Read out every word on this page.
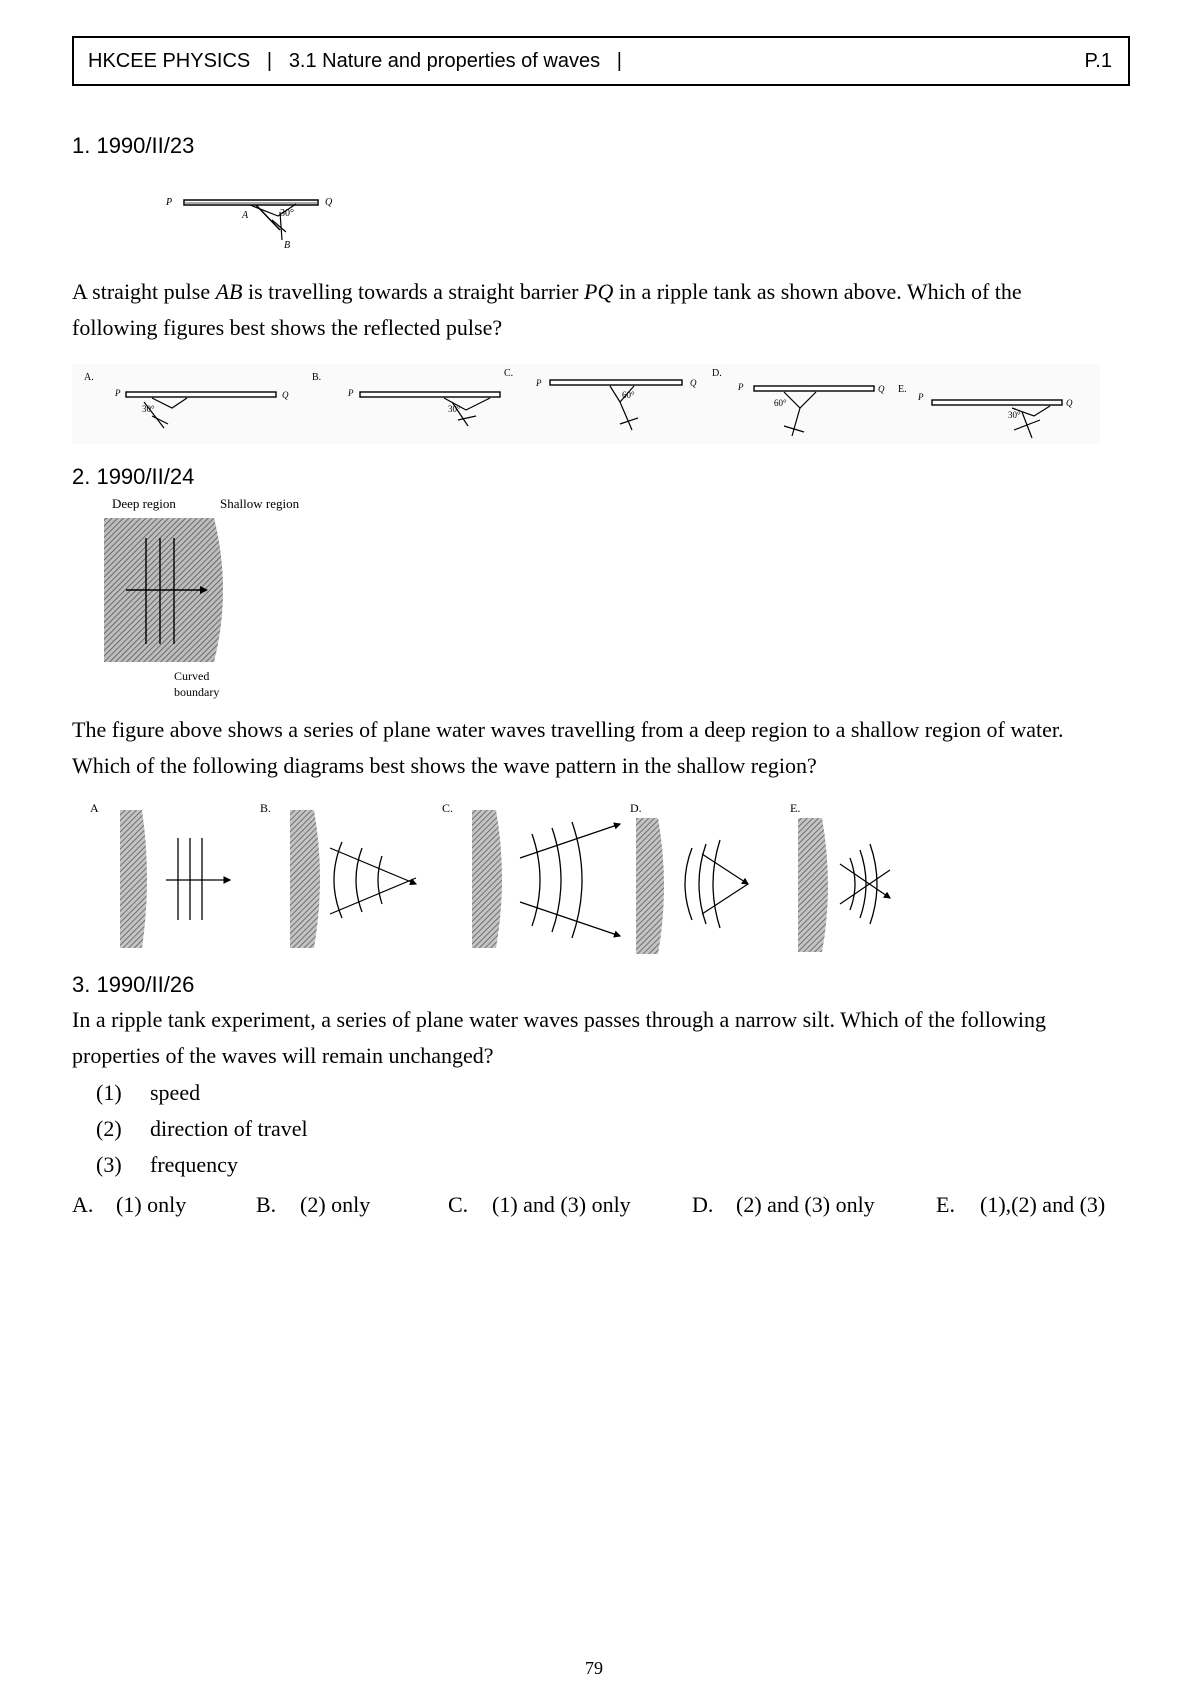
HKCEE PHYSICS   |   3.1 Nature and properties of waves   |	P.1
1. 1990/II/23
P	Q
A
B
30°
A straight pulse AB is travelling towards a straight barrier PQ in a ripple tank as shown above. Which of the
following figures best shows the reflected pulse?
A.
P	Q
30°
B.
P
30°
C.
P	Q
60°
D.
P	Q
60°
E.
P
Q
30°
2. 1990/II/24
Deep region	Shallow region
Curved
boundary
The figure above shows a series of plane water waves travelling from a deep region to a shallow region of water.
Which of the following diagrams best shows the wave pattern in the shallow region?
A	B.	C.	D.	E.
3. 1990/II/26
In a ripple tank experiment, a series of plane water waves passes through a narrow silt. Which of the following
properties of the waves will remain unchanged?
(1) speed
(2) direction of travel
(3) frequency
A. (1) only	B. (2) only	C. (1) and (3) only	D. (2) and (3) only	E. (1),(2) and (3)
79
